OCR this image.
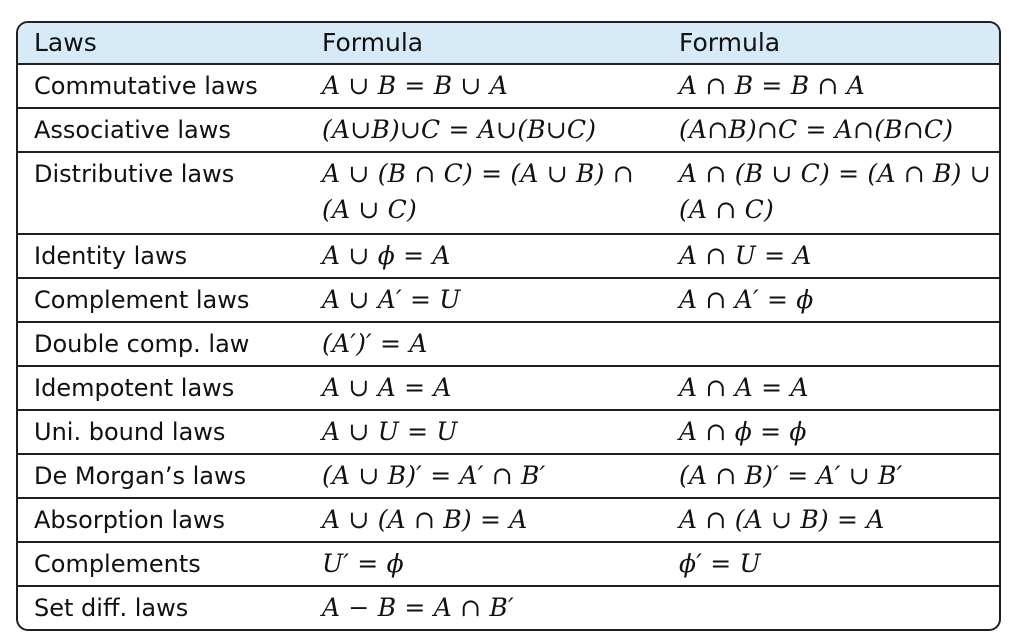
Laws	Formula	Formula
Commutative laws	A ∪ B = B ∪ A	A ∩ B = B ∩ A
Associative laws	(A∪B)∪C = A∪(B∪C)	(A∩B)∩C = A∩(B∩C)
Distributive laws	A ∪ (B ∩ C) = (A ∪ B) ∩ (A ∪ C)	A ∩ (B ∪ C) = (A ∩ B) ∪ (A ∩ C)
Identity laws	A ∪ ϕ = A	A ∩ U = A
Complement laws	A ∪ A′ = U	A ∩ A′ = ϕ
Double comp. law	(A′)′ = A	
Idempotent laws	A ∪ A = A	A ∩ A = A
Uni. bound laws	A ∪ U = U	A ∩ ϕ = ϕ
De Morgan’s laws	(A ∪ B)′ = A′ ∩ B′	(A ∩ B)′ = A′ ∪ B′
Absorption laws	A ∪ (A ∩ B) = A	A ∩ (A ∪ B) = A
Complements	U′ = ϕ	ϕ′ = U
Set diff. laws	A − B = A ∩ B′	
